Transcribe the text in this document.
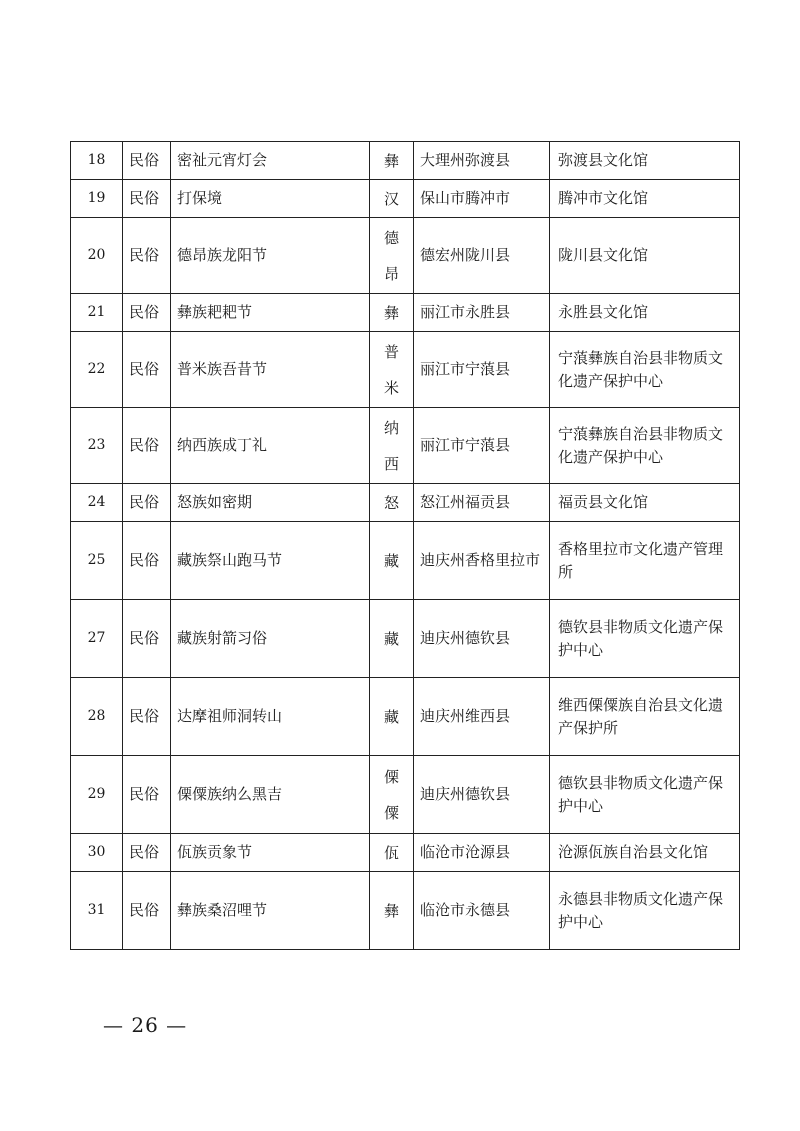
18	民俗	密祉元宵灯会	彝	大理州弥渡县	弥渡县文化馆
19	民俗	打保境	汉	保山市腾冲市	腾冲市文化馆
20	民俗	德昂族龙阳节	德昂	德宏州陇川县	陇川县文化馆
21	民俗	彝族耙耙节	彝	丽江市永胜县	永胜县文化馆
22	民俗	普米族吾昔节	普米	丽江市宁蒗县	宁蒗彝族自治县非物质文化遗产保护中心
23	民俗	纳西族成丁礼	纳西	丽江市宁蒗县	宁蒗彝族自治县非物质文化遗产保护中心
24	民俗	怒族如密期	怒	怒江州福贡县	福贡县文化馆
25	民俗	藏族祭山跑马节	藏	迪庆州香格里拉市	香格里拉市文化遗产管理所
27	民俗	藏族射箭习俗	藏	迪庆州德钦县	德钦县非物质文化遗产保护中心
28	民俗	达摩祖师洞转山	藏	迪庆州维西县	维西傈僳族自治县文化遗产保护所
29	民俗	傈僳族纳么黑吉	傈僳	迪庆州德钦县	德钦县非物质文化遗产保护中心
30	民俗	佤族贡象节	佤	临沧市沧源县	沧源佤族自治县文化馆
31	民俗	彝族桑沼哩节	彝	临沧市永德县	永德县非物质文化遗产保护中心
— 26 —
